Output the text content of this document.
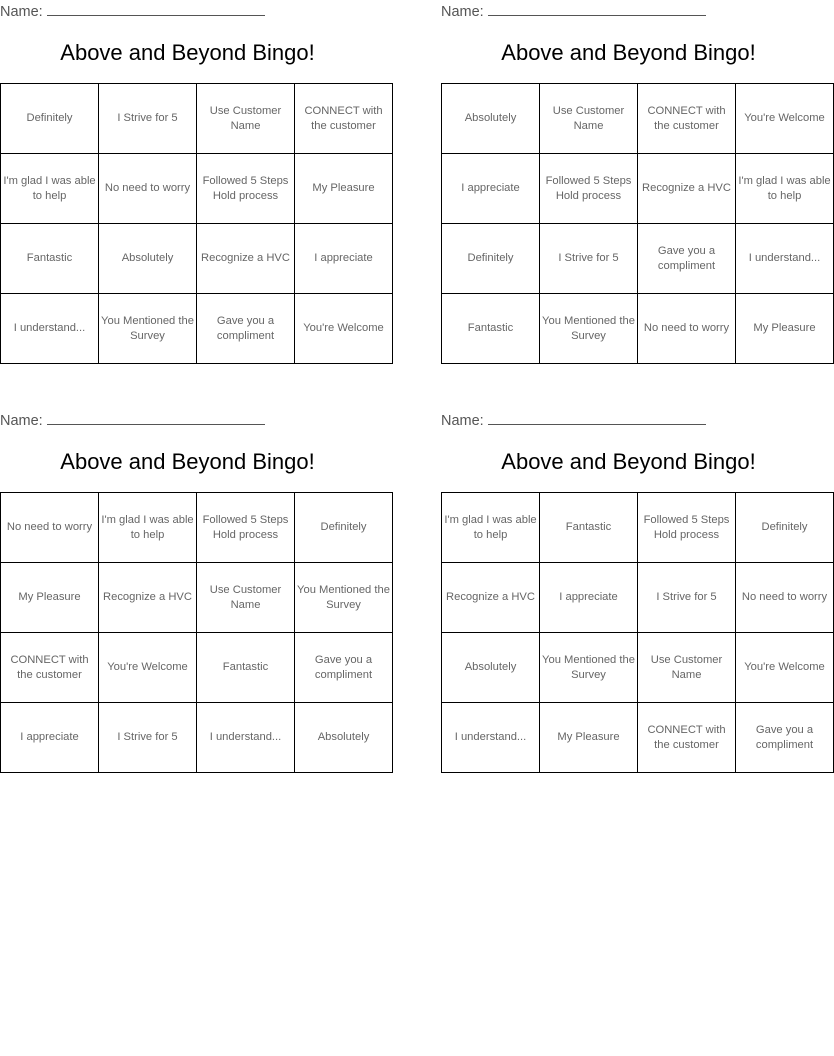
Name:
Above and Beyond Bingo!
Definitely	I Strive for 5	Use Customer Name	CONNECT with the customer
I'm glad I was able to help	No need to worry	Followed 5 Steps Hold process	My Pleasure
Fantastic	Absolutely	Recognize a HVC	I appreciate
I understand...	You Mentioned the Survey	Gave you a compliment	You're Welcome
Name:
Above and Beyond Bingo!
Absolutely	Use Customer Name	CONNECT with the customer	You're Welcome
I appreciate	Followed 5 Steps Hold process	Recognize a HVC	I'm glad I was able to help
Definitely	I Strive for 5	Gave you a compliment	I understand...
Fantastic	You Mentioned the Survey	No need to worry	My Pleasure
Name:
Above and Beyond Bingo!
No need to worry	I'm glad I was able to help	Followed 5 Steps Hold process	Definitely
My Pleasure	Recognize a HVC	Use Customer Name	You Mentioned the Survey
CONNECT with the customer	You're Welcome	Fantastic	Gave you a compliment
I appreciate	I Strive for 5	I understand...	Absolutely
Name:
Above and Beyond Bingo!
I'm glad I was able to help	Fantastic	Followed 5 Steps Hold process	Definitely
Recognize a HVC	I appreciate	I Strive for 5	No need to worry
Absolutely	You Mentioned the Survey	Use Customer Name	You're Welcome
I understand...	My Pleasure	CONNECT with the customer	Gave you a compliment
